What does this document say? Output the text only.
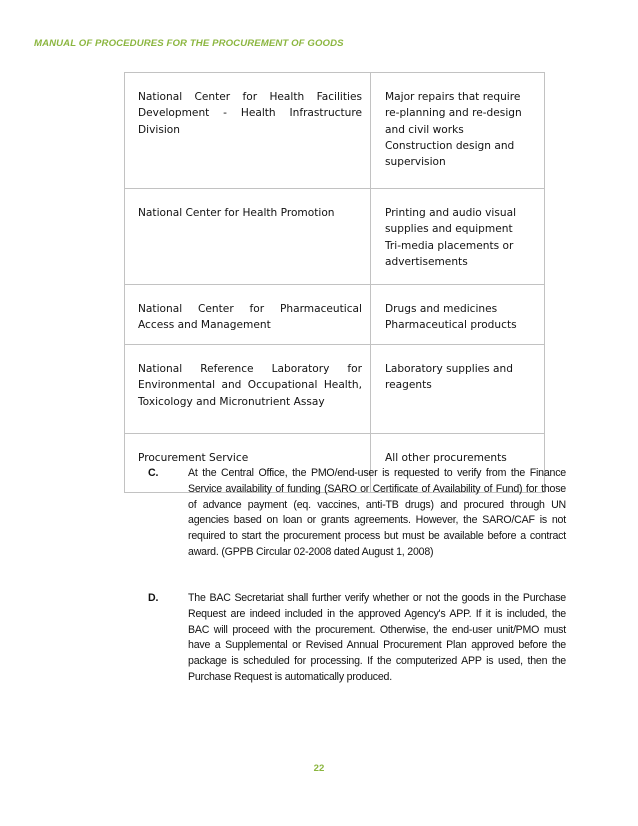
MANUAL OF PROCEDURES FOR THE PROCUREMENT OF GOODS
National Center for Health Facilities Development - Health Infrastructure Division	Major repairs that require re-planning and re-design and civil works
Construction design and supervision

National Center for Health Promotion	Printing and audio visual supplies and equipment
Tri-media placements or advertisements

National Center for Pharmaceutical Access and Management	Drugs and medicines
Pharmaceutical products

National Reference Laboratory for Environmental and Occupational Health, Toxicology and Micronutrient Assay	Laboratory supplies and reagents

Procurement Service	All other procurements
C.	At the Central Office, the PMO/end-user is requested to verify from the Finance Service availability of funding (SARO or Certificate of Availability of Fund) for those of advance payment (eq. vaccines, anti-TB drugs) and procured through UN agencies based on loan or grants agreements. However, the SARO/CAF is not required to start the procurement process but must be available before a contract award. (GPPB Circular 02-2008 dated August 1, 2008)
D.	The BAC Secretariat shall further verify whether or not the goods in the Purchase Request are indeed included in the approved Agency's APP. If it is included, the BAC will proceed with the procurement. Otherwise, the end-user unit/PMO must have a Supplemental or Revised Annual Procurement Plan approved before the package is scheduled for processing. If the computerized APP is used, then the Purchase Request is automatically produced.
22
